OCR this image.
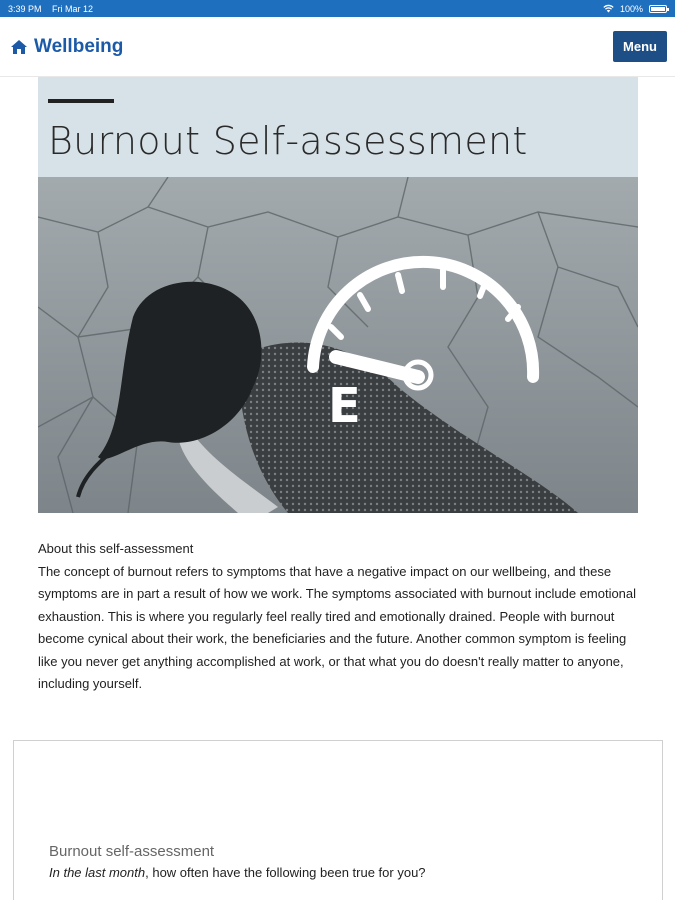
3:39 PM Fri Mar 12	100%
Wellbeing	Menu
Burnout Self-assessment
E
About this self-assessment
The concept of burnout refers to symptoms that have a negative impact on our wellbeing, and these symptoms are in part a result of how we work. The symptoms associated with burnout include emotional exhaustion. This is where you regularly feel really tired and emotionally drained. People with burnout become cynical about their work, the beneficiaries and the future. Another common symptom is feeling like you never get anything accomplished at work, or that what you do doesn't really matter to anyone, including yourself.
Burnout self-assessment
In the last month, how often have the following been true for you?
